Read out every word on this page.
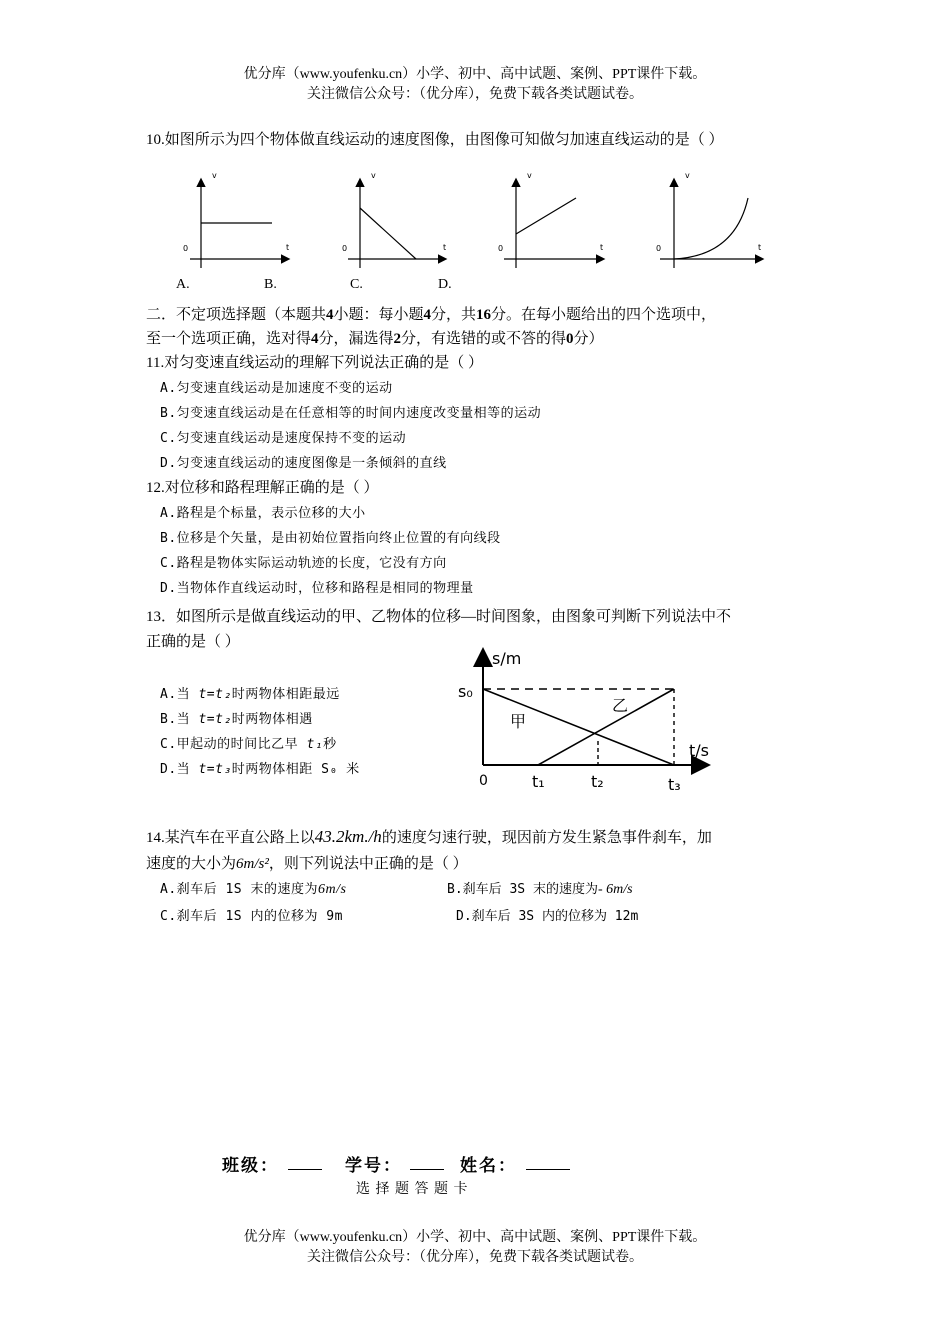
优分库（www.youfenku.cn）小学、初中、高中试题、案例、PPT课件下载。
关注微信公众号：（优分库），免费下载各类试题试卷。
10.如图所示为四个物体做直线运动的速度图像，由图像可知做匀加速直线运动的是（ ）
v
t
0
v
t
0
v
t
0
v
t
0
A.	B.	C.	D.
二．不定项选择题（本题共4小题：每小题4分，共16分。在每小题给出的四个选项中，
至一个选项正确，选对得4分，漏选得2分，有选错的或不答的得0分）
11.对匀变速直线运动的理解下列说法正确的是（ ）
A.匀变速直线运动是加速度不变的运动
B.匀变速直线运动是在任意相等的时间内速度改变量相等的运动
C.匀变速直线运动是速度保持不变的运动
D.匀变速直线运动的速度图像是一条倾斜的直线
12.对位移和路程理解正确的是（ ）
A.路程是个标量，表示位移的大小
B.位移是个矢量，是由初始位置指向终止位置的有向线段
C.路程是物体实际运动轨迹的长度，它没有方向
D.当物体作直线运动时，位移和路程是相同的物理量
13．如图所示是做直线运动的甲、乙物体的位移—时间图象，由图象可判断下列说法中不
正确的是（ ）
A.当 t=t₂时两物体相距最远
B.当 t=t₂时两物体相遇
C.甲起动的时间比乙早 t₁秒
D.当 t=t₃时两物体相距 S₀ 米
s/m
t/s
s₀
0	t₁	t₂	t₃
甲
乙
14.某汽车在平直公路上以43.2km./h的速度匀速行驶，现因前方发生紧急事件刹车，加
速度的大小为6m/s²，则下列说法中正确的是（ ）
A.刹车后 1S 末的速度为6m/s	B.刹车后 3S 末的速度为- 6m/s
C.刹车后 1S 内的位移为 9m	D.刹车后 3S 内的位移为 12m
班级：	学号：	姓名：
选 择 题 答 题 卡
优分库（www.youfenku.cn）小学、初中、高中试题、案例、PPT课件下载。
关注微信公众号：（优分库），免费下载各类试题试卷。
